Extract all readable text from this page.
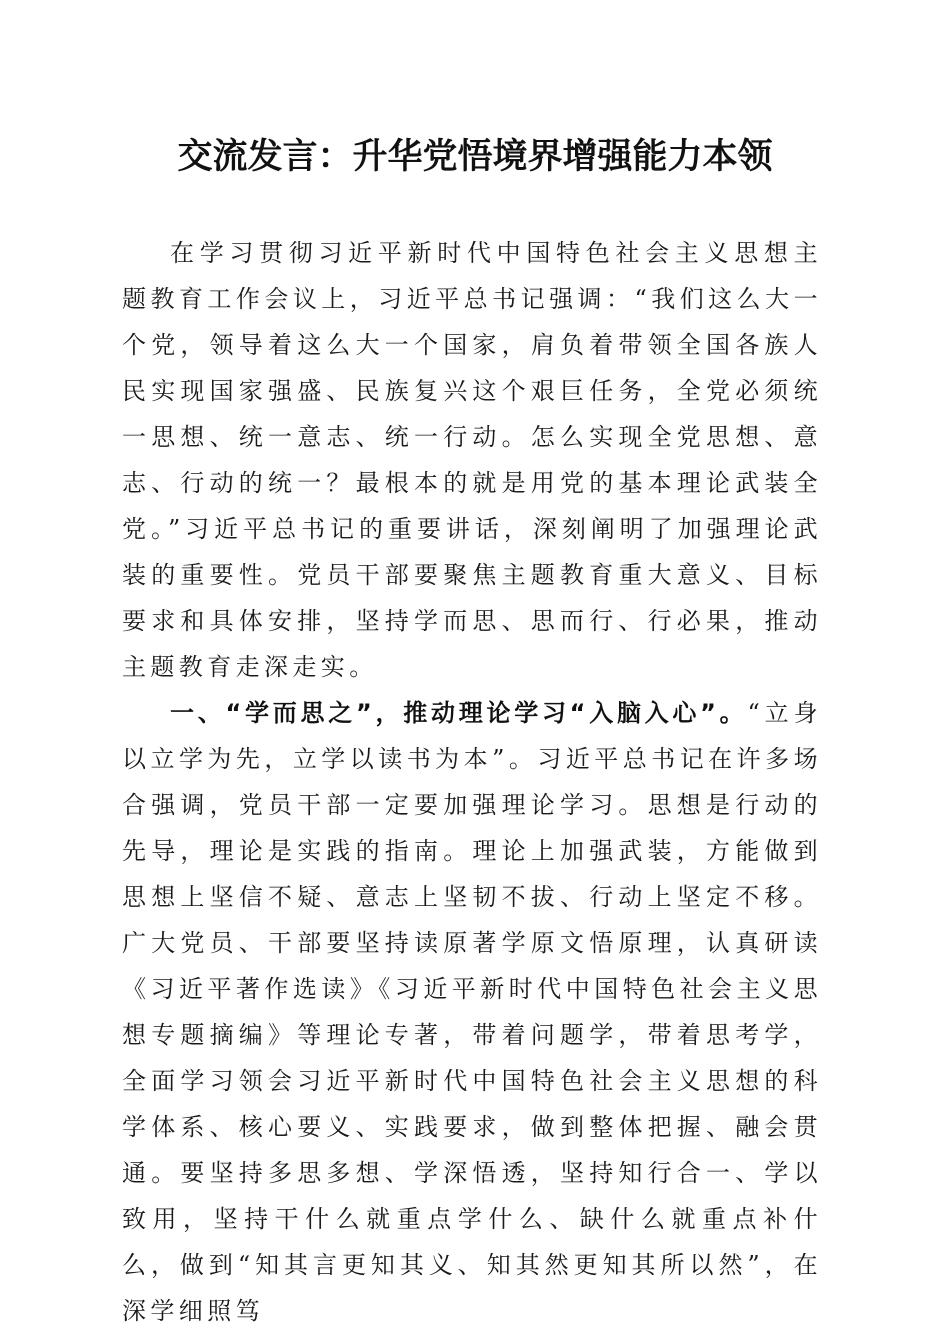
交流发言：升华党悟境界增强能力本领

在学习贯彻习近平新时代中国特色社会主义思想主题教育工作会议上，习近平总书记强调：“我们这么大一个党，领导着这么大一个国家，肩负着带领全国各族人民实现国家强盛、民族复兴这个艰巨任务，全党必须统一思想、统一意志、统一行动。怎么实现全党思想、意志、行动的统一？最根本的就是用党的基本理论武装全党。”习近平总书记的重要讲话，深刻阐明了加强理论武装的重要性。党员干部要聚焦主题教育重大意义、目标要求和具体安排，坚持学而思、思而行、行必果，推动主题教育走深走实。

一、“学而思之”，推动理论学习“入脑入心”。“立身以立学为先，立学以读书为本”。习近平总书记在许多场合强调，党员干部一定要加强理论学习。思想是行动的先导，理论是实践的指南。理论上加强武装，方能做到思想上坚信不疑、意志上坚韧不拔、行动上坚定不移。广大党员、干部要坚持读原著学原文悟原理，认真研读《习近平著作选读》《习近平新时代中国特色社会主义思想专题摘编》等理论专著，带着问题学，带着思考学，全面学习领会习近平新时代中国特色社会主义思想的科学体系、核心要义、实践要求，做到整体把握、融会贯通。要坚持多思多想、学深悟透，坚持知行合一、学以致用，坚持干什么就重点学什么、缺什么就重点补什么，做到“知其言更知其义、知其然更知其所以然”，在深学细照笃
